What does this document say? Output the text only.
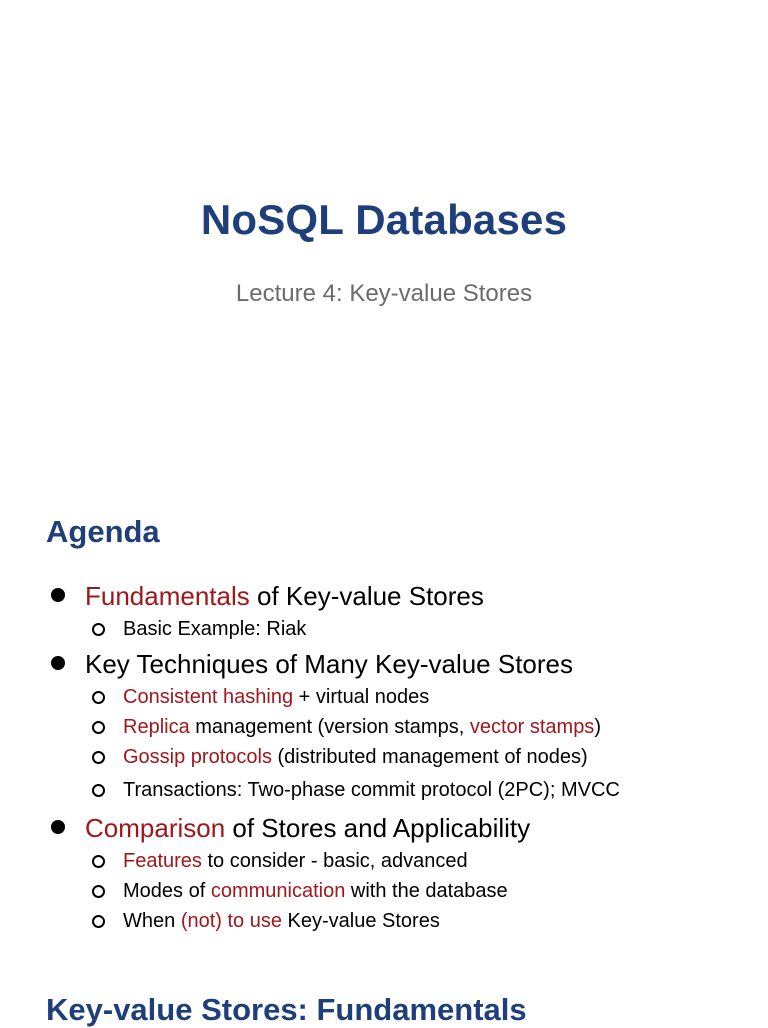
NoSQL Databases
Lecture 4: Key-value Stores
Agenda
Fundamentals of Key-value Stores
Basic Example: Riak
Key Techniques of Many Key-value Stores
Consistent hashing + virtual nodes
Replica management (version stamps, vector stamps)
Gossip protocols (distributed management of nodes)
Transactions: Two-phase commit protocol (2PC); MVCC
Comparison of Stores and Applicability
Features to consider - basic, advanced
Modes of communication with the database
When (not) to use Key-value Stores
Key-value Stores: Fundamentals
